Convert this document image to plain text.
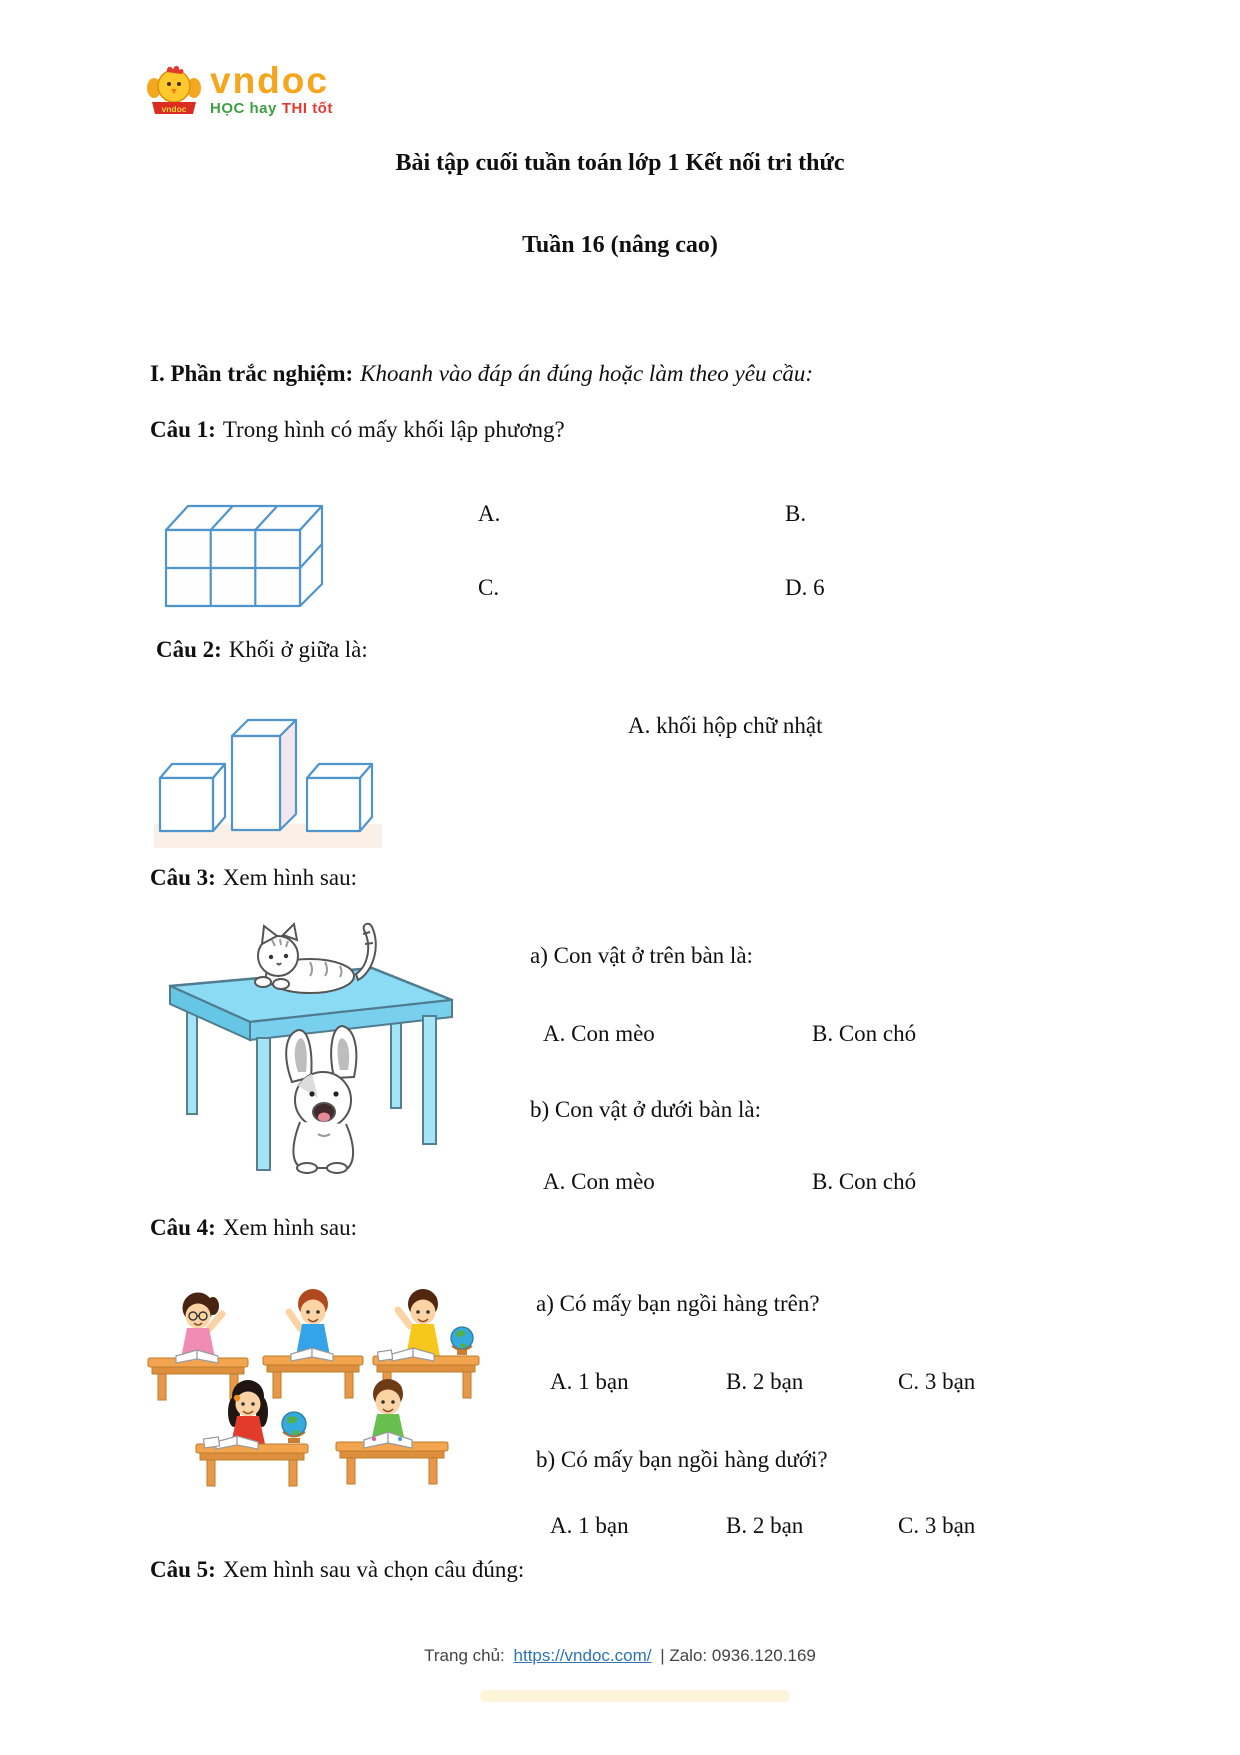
vndoc
vndoc
HỌC hay THI tốt
Bài tập cuối tuần toán lớp 1 Kết nối tri thức
Tuần 16 (nâng cao)

I. Phần trắc nghiệm: Khoanh vào đáp án đúng hoặc làm theo yêu cầu:

Câu 1: Trong hình có mấy khối lập phương?

A.	B.
C.	D. 6

Câu 2: Khối ở giữa là:

A. khối hộp chữ nhật

Câu 3: Xem hình sau:

a) Con vật ở trên bàn là:

A. Con mèo	B. Con chó

b) Con vật ở dưới bàn là:

A. Con mèo	B. Con chó

Câu 4: Xem hình sau:

a) Có mấy bạn ngồi hàng trên?

A. 1 bạn	B. 2 bạn	C. 3 bạn

b) Có mấy bạn ngồi hàng dưới?

A. 1 bạn	B. 2 bạn	C. 3 bạn

Câu 5: Xem hình sau và chọn câu đúng:

Trang chủ: https://vndoc.com/ | Zalo: 0936.120.169
